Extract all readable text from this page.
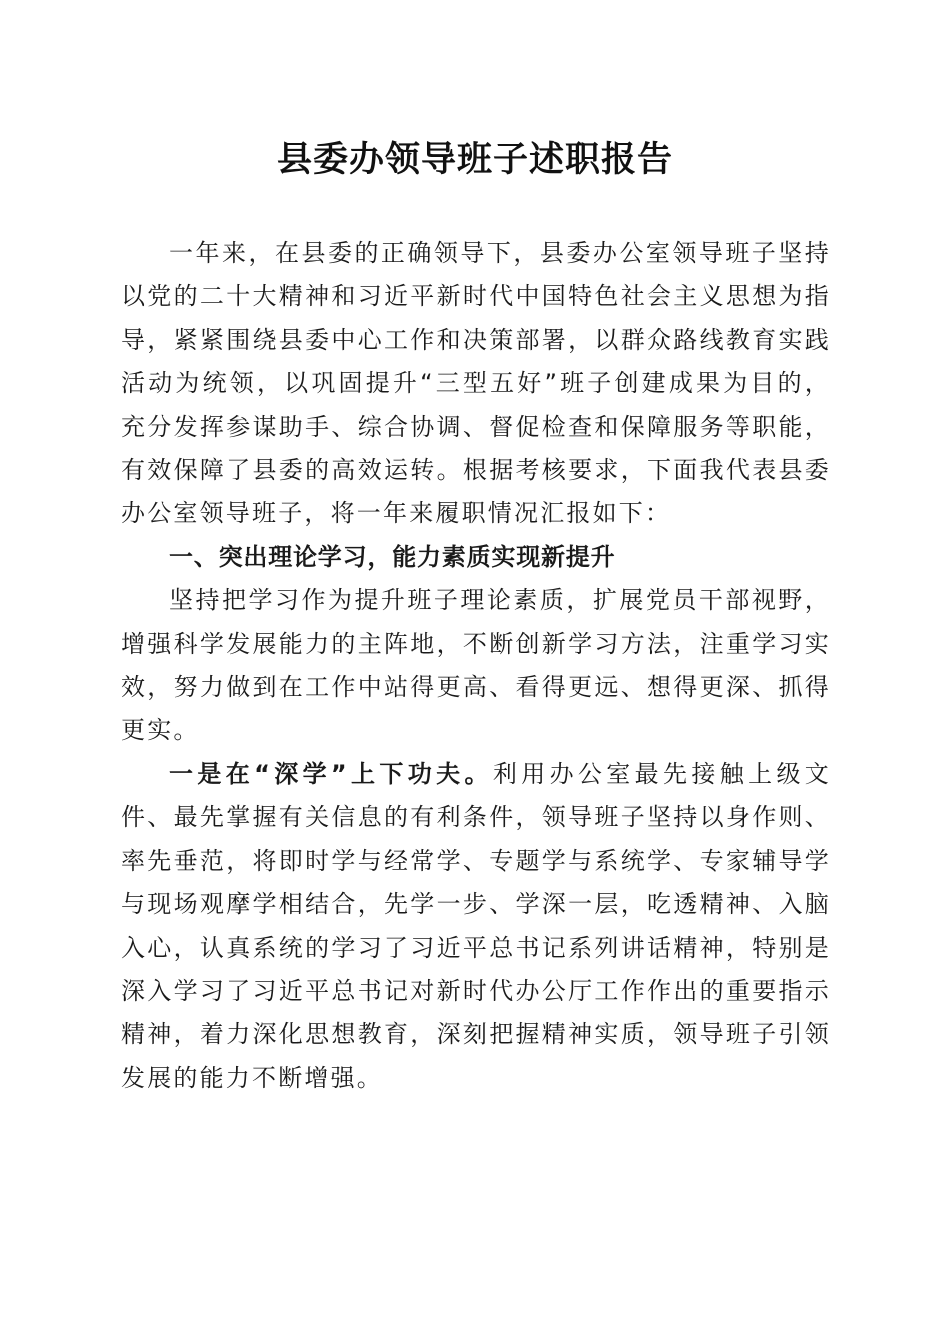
县委办领导班子述职报告

一年来，在县委的正确领导下，县委办公室领导班子坚持以党的二十大精神和习近平新时代中国特色社会主义思想为指导，紧紧围绕县委中心工作和决策部署，以群众路线教育实践活动为统领，以巩固提升“三型五好”班子创建成果为目的，充分发挥参谋助手、综合协调、督促检查和保障服务等职能，有效保障了县委的高效运转。根据考核要求，下面我代表县委办公室领导班子，将一年来履职情况汇报如下：

一、突出理论学习，能力素质实现新提升

坚持把学习作为提升班子理论素质，扩展党员干部视野，增强科学发展能力的主阵地，不断创新学习方法，注重学习实效，努力做到在工作中站得更高、看得更远、想得更深、抓得更实。

一是在“深学”上下功夫。利用办公室最先接触上级文件、最先掌握有关信息的有利条件，领导班子坚持以身作则、率先垂范，将即时学与经常学、专题学与系统学、专家辅导学与现场观摩学相结合，先学一步、学深一层，吃透精神、入脑入心，认真系统的学习了习近平总书记系列讲话精神，特别是深入学习了习近平总书记对新时代办公厅工作作出的重要指示精神，着力深化思想教育，深刻把握精神实质，领导班子引领发展的能力不断增强。
